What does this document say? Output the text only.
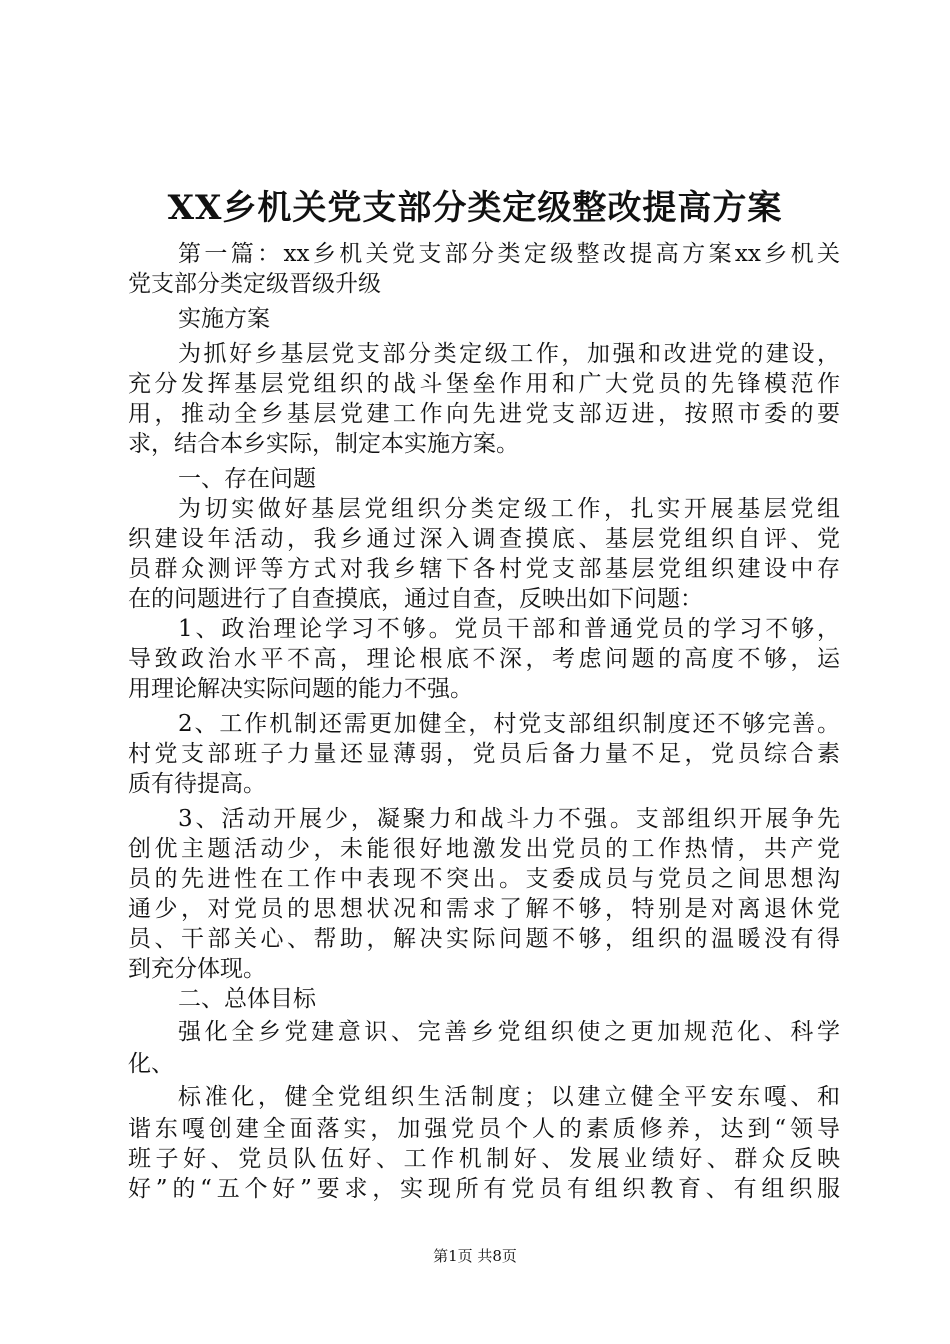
XX乡机关党支部分类定级整改提高方案
第一篇：xx乡机关党支部分类定级整改提高方案xx乡机关
党支部分类定级晋级升级
实施方案
为抓好乡基层党支部分类定级工作，加强和改进党的建设，
充分发挥基层党组织的战斗堡垒作用和广大党员的先锋模范作
用，推动全乡基层党建工作向先进党支部迈进，按照市委的要
求，结合本乡实际，制定本实施方案。
一、存在问题
为切实做好基层党组织分类定级工作，扎实开展基层党组
织建设年活动，我乡通过深入调查摸底、基层党组织自评、党
员群众测评等方式对我乡辖下各村党支部基层党组织建设中存
在的问题进行了自查摸底，通过自查，反映出如下问题：
1、政治理论学习不够。党员干部和普通党员的学习不够，
导致政治水平不高，理论根底不深，考虑问题的高度不够，运
用理论解决实际问题的能力不强。
2、工作机制还需更加健全，村党支部组织制度还不够完善。
村党支部班子力量还显薄弱，党员后备力量不足，党员综合素
质有待提高。
3、活动开展少，凝聚力和战斗力不强。支部组织开展争先
创优主题活动少，未能很好地激发出党员的工作热情，共产党
员的先进性在工作中表现不突出。支委成员与党员之间思想沟
通少，对党员的思想状况和需求了解不够，特别是对离退休党
员、干部关心、帮助，解决实际问题不够，组织的温暖没有得
到充分体现。
二、总体目标
强化全乡党建意识、完善乡党组织使之更加规范化、科学
化、
标准化，健全党组织生活制度；以建立健全平安东嘎、和
谐东嘎创建全面落实，加强党员个人的素质修养，达到“领导
班子好、党员队伍好、工作机制好、发展业绩好、群众反映
好”的“五个好”要求，实现所有党员有组织教育、有组织服
第1页 共8页
